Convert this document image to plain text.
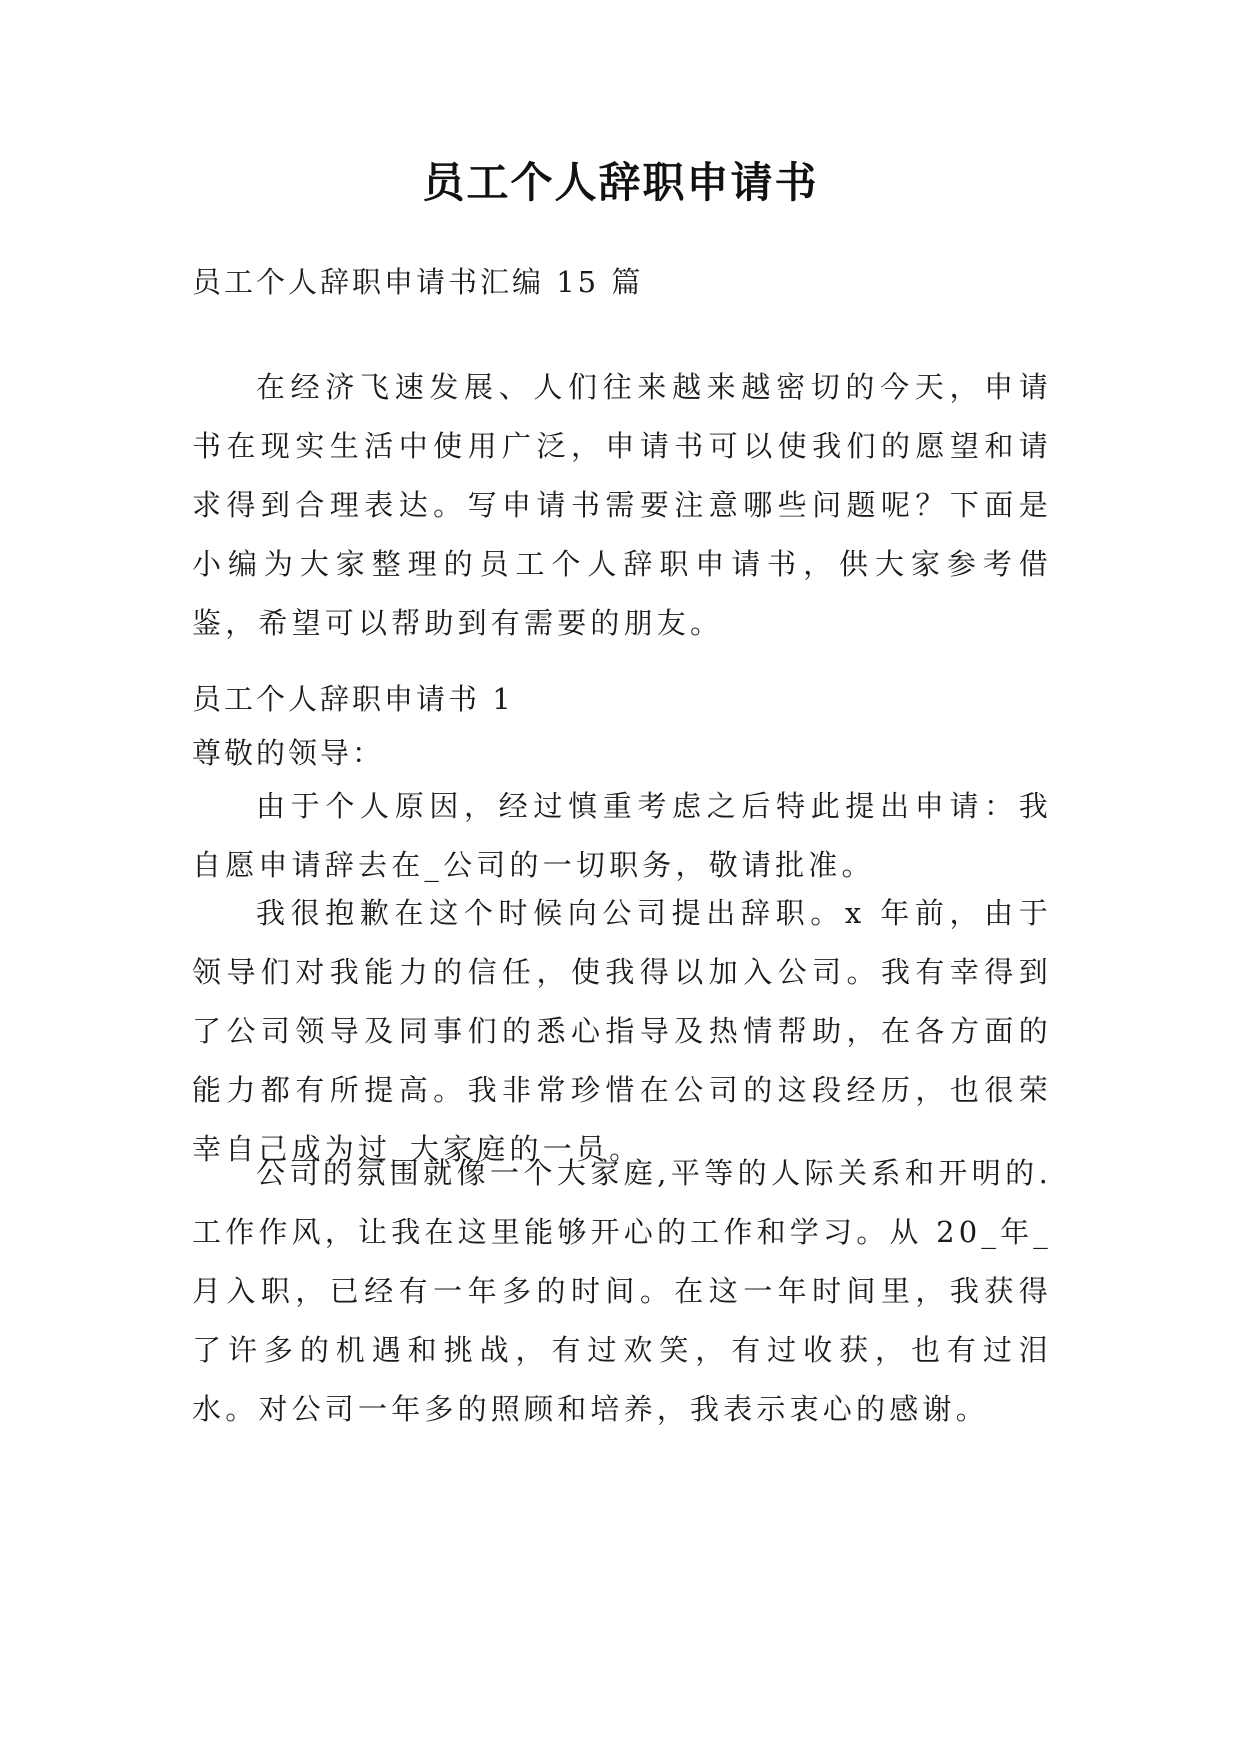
员工个人辞职申请书

员工个人辞职申请书汇编 15 篇

在经济飞速发展、人们往来越来越密切的今天，申请书在现实生活中使用广泛，申请书可以使我们的愿望和请求得到合理表达。写申请书需要注意哪些问题呢？下面是小编为大家整理的员工个人辞职申请书，供大家参考借鉴，希望可以帮助到有需要的朋友。

员工个人辞职申请书 1

尊敬的领导：

由于个人原因，经过慎重考虑之后特此提出申请：我自愿申请辞去在_公司的一切职务，敬请批准。

我很抱歉在这个时候向公司提出辞职。x 年前，由于领导们对我能力的信任，使我得以加入公司。我有幸得到了公司领导及同事们的悉心指导及热情帮助，在各方面的能力都有所提高。我非常珍惜在公司的这段经历，也很荣幸自己成为过_大家庭的一员。

公司的氛围就像一个大家庭,平等的人际关系和开明的.工作作风，让我在这里能够开心的工作和学习。从 20_年_月入职，已经有一年多的时间。在这一年时间里，我获得了许多的机遇和挑战，有过欢笑，有过收获，也有过泪水。对公司一年多的照顾和培养，我表示衷心的感谢。
